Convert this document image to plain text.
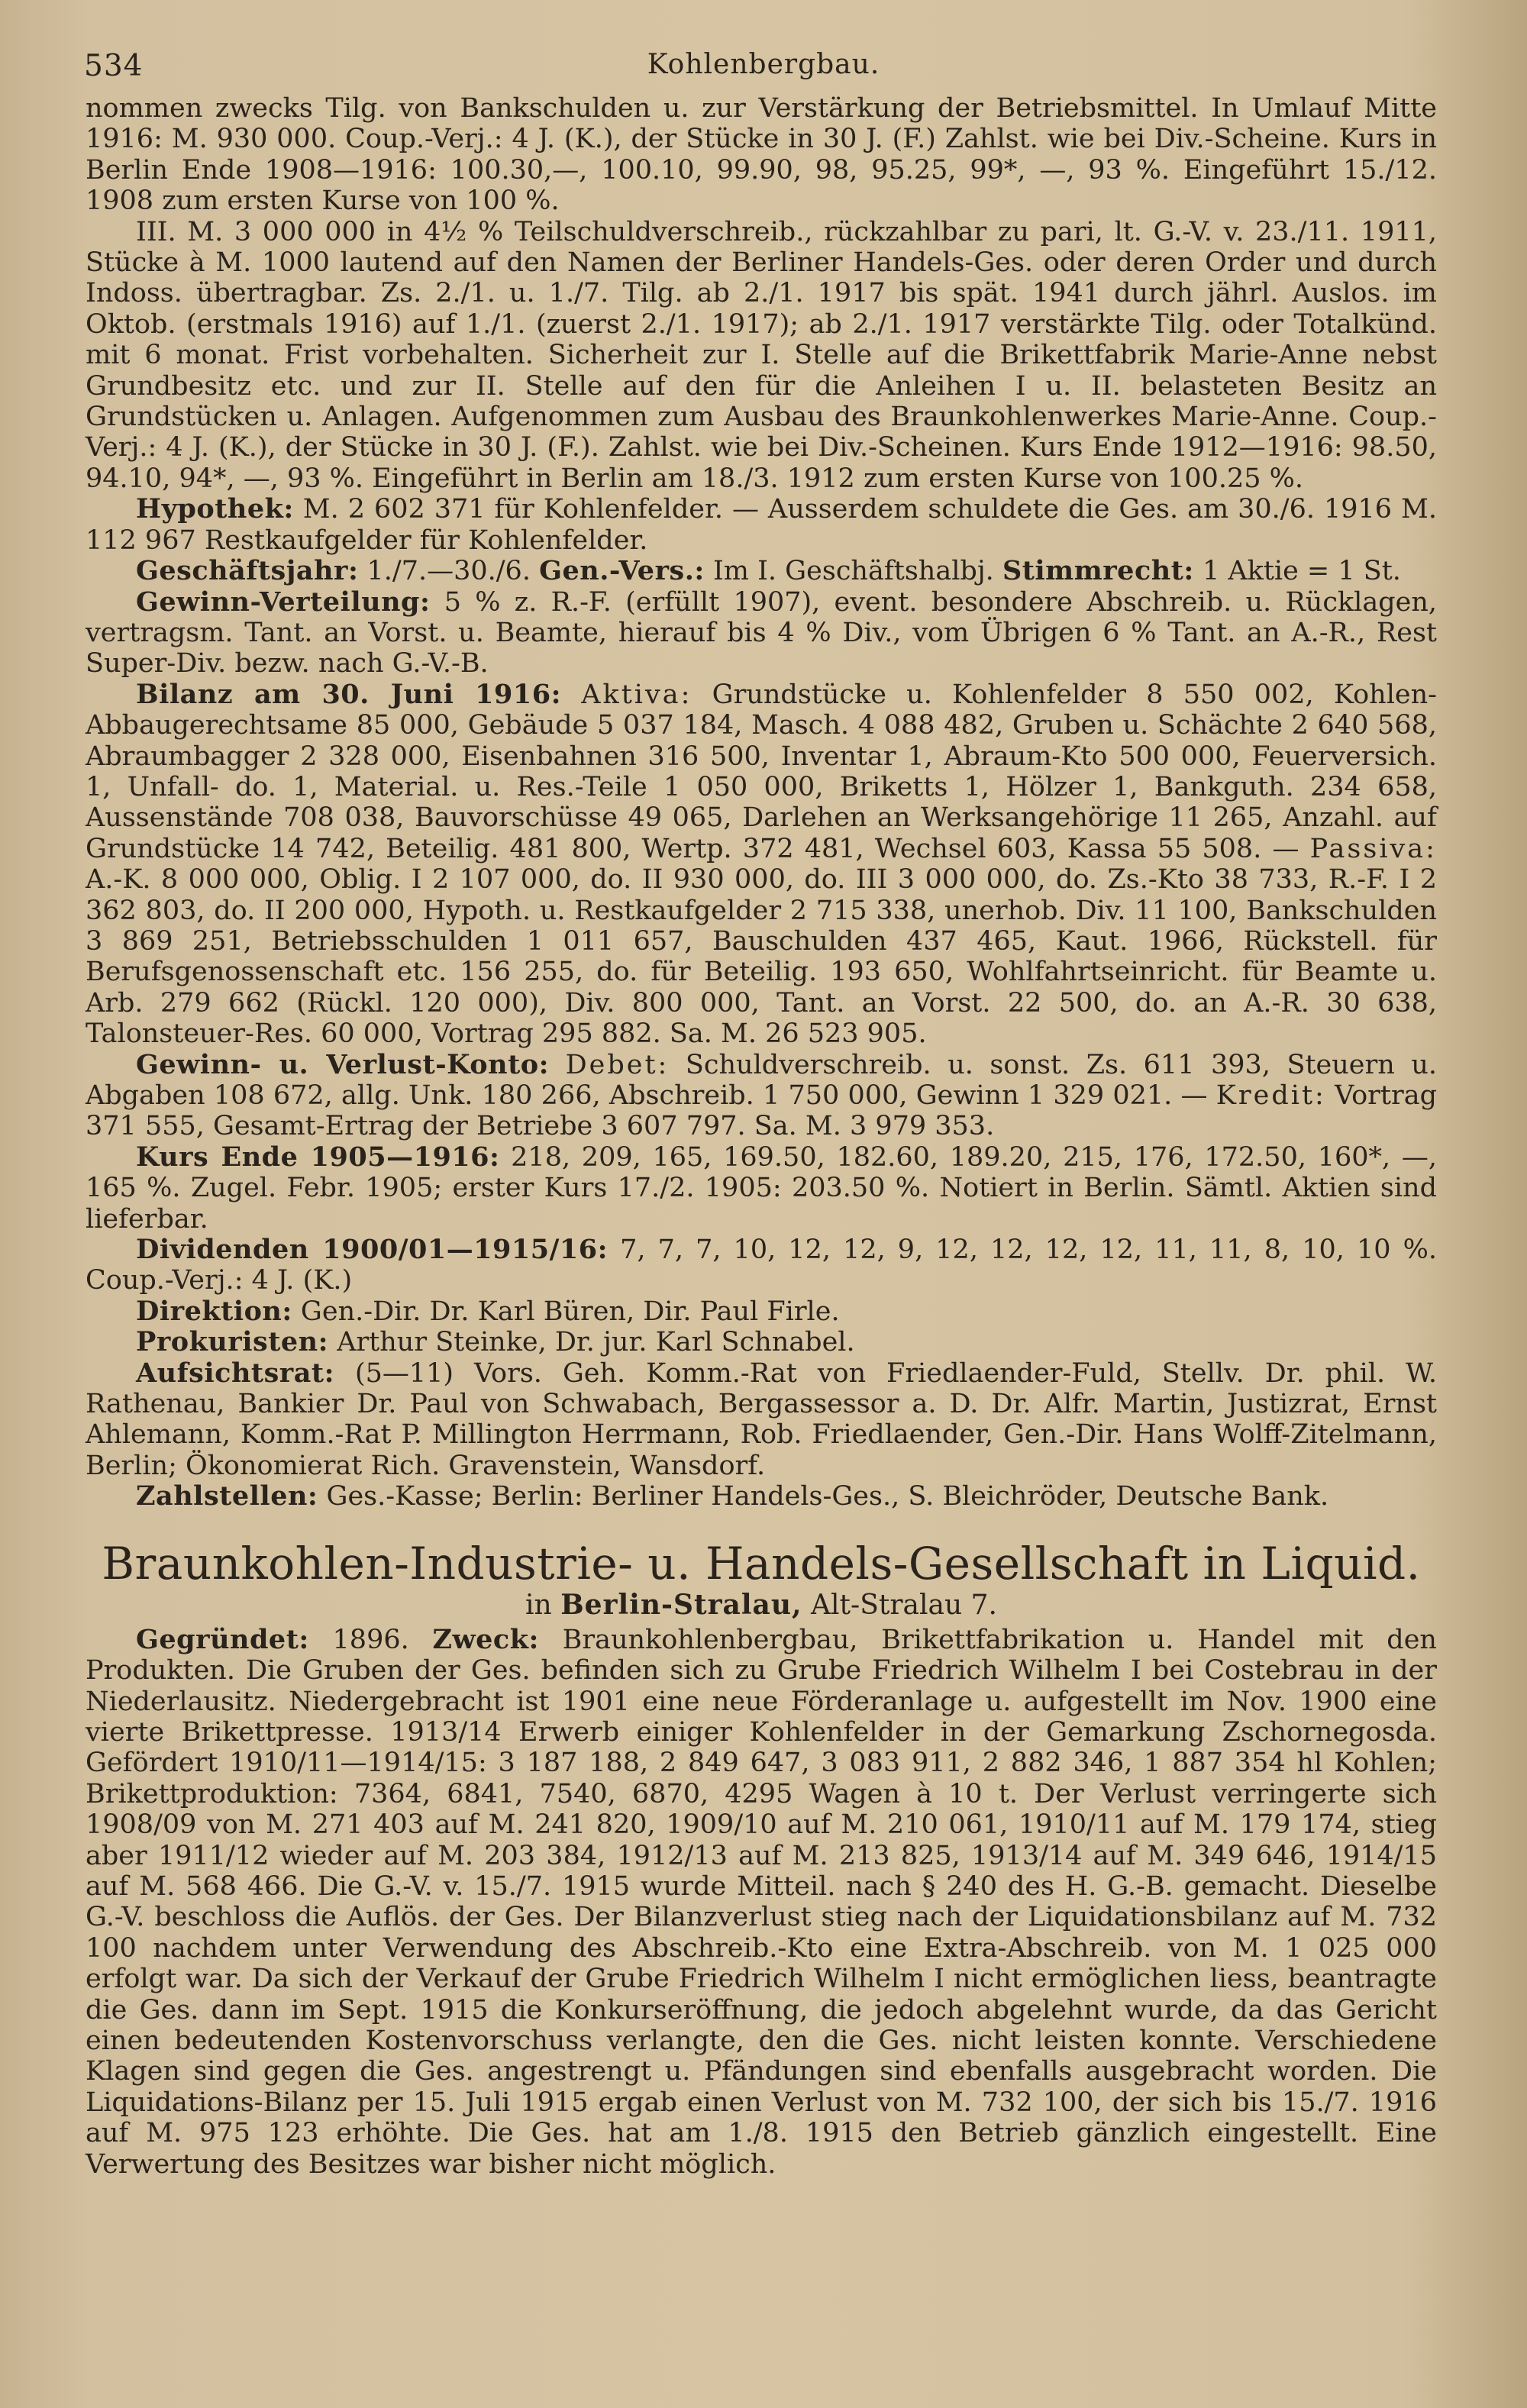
534	Kohlenbergbau.

nommen zwecks Tilg. von Bankschulden u. zur Verstärkung der Betriebsmittel. In Umlauf Mitte 1916: M. 930 000. Coup.-Verj.: 4 J. (K.), der Stücke in 30 J. (F.) Zahlst. wie bei Div.-Scheine. Kurs in Berlin Ende 1908—1916: 100.30,—, 100.10, 99.90, 98, 95.25, 99*, —, 93 %. Eingeführt 15./12. 1908 zum ersten Kurse von 100 %.

III. M. 3 000 000 in 4½ % Teilschuldverschreib., rückzahlbar zu pari, lt. G.-V. v. 23./11. 1911, Stücke à M. 1000 lautend auf den Namen der Berliner Handels-Ges. oder deren Order und durch Indoss. übertragbar. Zs. 2./1. u. 1./7. Tilg. ab 2./1. 1917 bis spät. 1941 durch jährl. Auslos. im Oktob. (erstmals 1916) auf 1./1. (zuerst 2./1. 1917); ab 2./1. 1917 verstärkte Tilg. oder Totalkünd. mit 6 monat. Frist vorbehalten. Sicherheit zur I. Stelle auf die Brikettfabrik Marie-Anne nebst Grundbesitz etc. und zur II. Stelle auf den für die Anleihen I u. II. belasteten Besitz an Grundstücken u. Anlagen. Aufgenommen zum Ausbau des Braunkohlenwerkes Marie-Anne. Coup.-Verj.: 4 J. (K.), der Stücke in 30 J. (F.). Zahlst. wie bei Div.-Scheinen. Kurs Ende 1912—1916: 98.50, 94.10, 94*, —, 93 %. Eingeführt in Berlin am 18./3. 1912 zum ersten Kurse von 100.25 %.

Hypothek: M. 2 602 371 für Kohlenfelder. — Ausserdem schuldete die Ges. am 30./6. 1916 M. 112 967 Restkaufgelder für Kohlenfelder.

Geschäftsjahr: 1./7.—30./6. Gen.-Vers.: Im I. Geschäftshalbj. Stimmrecht: 1 Aktie = 1 St.

Gewinn-Verteilung: 5 % z. R.-F. (erfüllt 1907), event. besondere Abschreib. u. Rücklagen, vertragsm. Tant. an Vorst. u. Beamte, hierauf bis 4 % Div., vom Übrigen 6 % Tant. an A.-R., Rest Super-Div. bezw. nach G.-V.-B.

Bilanz am 30. Juni 1916: Aktiva: Grundstücke u. Kohlenfelder 8 550 002, Kohlen-Abbaugerechtsame 85 000, Gebäude 5 037 184, Masch. 4 088 482, Gruben u. Schächte 2 640 568, Abraumbagger 2 328 000, Eisenbahnen 316 500, Inventar 1, Abraum-Kto 500 000, Feuerversich. 1, Unfall- do. 1, Material. u. Res.-Teile 1 050 000, Briketts 1, Hölzer 1, Bankguth. 234 658, Aussenstände 708 038, Bauvorschüsse 49 065, Darlehen an Werksangehörige 11 265, Anzahl. auf Grundstücke 14 742, Beteilig. 481 800, Wertp. 372 481, Wechsel 603, Kassa 55 508. — Passiva: A.-K. 8 000 000, Oblig. I 2 107 000, do. II 930 000, do. III 3 000 000, do. Zs.-Kto 38 733, R.-F. I 2 362 803, do. II 200 000, Hypoth. u. Restkaufgelder 2 715 338, unerhob. Div. 11 100, Bankschulden 3 869 251, Betriebsschulden 1 011 657, Bauschulden 437 465, Kaut. 1966, Rückstell. für Berufsgenossenschaft etc. 156 255, do. für Beteilig. 193 650, Wohlfahrtseinricht. für Beamte u. Arb. 279 662 (Rückl. 120 000), Div. 800 000, Tant. an Vorst. 22 500, do. an A.-R. 30 638, Talonsteuer-Res. 60 000, Vortrag 295 882. Sa. M. 26 523 905.

Gewinn- u. Verlust-Konto: Debet: Schuldverschreib. u. sonst. Zs. 611 393, Steuern u. Abgaben 108 672, allg. Unk. 180 266, Abschreib. 1 750 000, Gewinn 1 329 021. — Kredit: Vortrag 371 555, Gesamt-Ertrag der Betriebe 3 607 797. Sa. M. 3 979 353.

Kurs Ende 1905—1916: 218, 209, 165, 169.50, 182.60, 189.20, 215, 176, 172.50, 160*, —, 165 %. Zugel. Febr. 1905; erster Kurs 17./2. 1905: 203.50 %. Notiert in Berlin. Sämtl. Aktien sind lieferbar.

Dividenden 1900/01—1915/16: 7, 7, 7, 10, 12, 12, 9, 12, 12, 12, 12, 11, 11, 8, 10, 10 %. Coup.-Verj.: 4 J. (K.)

Direktion: Gen.-Dir. Dr. Karl Büren, Dir. Paul Firle.

Prokuristen: Arthur Steinke, Dr. jur. Karl Schnabel.

Aufsichtsrat: (5—11) Vors. Geh. Komm.-Rat von Friedlaender-Fuld, Stellv. Dr. phil. W. Rathenau, Bankier Dr. Paul von Schwabach, Bergassessor a. D. Dr. Alfr. Martin, Justizrat, Ernst Ahlemann, Komm.-Rat P. Millington Herrmann, Rob. Friedlaender, Gen.-Dir. Hans Wolff-Zitelmann, Berlin; Ökonomierat Rich. Gravenstein, Wansdorf.

Zahlstellen: Ges.-Kasse; Berlin: Berliner Handels-Ges., S. Bleichröder, Deutsche Bank.

Braunkohlen-Industrie- u. Handels-Gesellschaft in Liquid.
in Berlin-Stralau, Alt-Stralau 7.

Gegründet: 1896. Zweck: Braunkohlenbergbau, Brikettfabrikation u. Handel mit den Produkten. Die Gruben der Ges. befinden sich zu Grube Friedrich Wilhelm I bei Costebrau in der Niederlausitz. Niedergebracht ist 1901 eine neue Förderanlage u. aufgestellt im Nov. 1900 eine vierte Brikettpresse. 1913/14 Erwerb einiger Kohlenfelder in der Gemarkung Zschornegosda. Gefördert 1910/11—1914/15: 3 187 188, 2 849 647, 3 083 911, 2 882 346, 1 887 354 hl Kohlen; Brikettproduktion: 7364, 6841, 7540, 6870, 4295 Wagen à 10 t. Der Verlust verringerte sich 1908/09 von M. 271 403 auf M. 241 820, 1909/10 auf M. 210 061, 1910/11 auf M. 179 174, stieg aber 1911/12 wieder auf M. 203 384, 1912/13 auf M. 213 825, 1913/14 auf M. 349 646, 1914/15 auf M. 568 466. Die G.-V. v. 15./7. 1915 wurde Mitteil. nach § 240 des H. G.-B. gemacht. Dieselbe G.-V. beschloss die Auflös. der Ges. Der Bilanzverlust stieg nach der Liquidationsbilanz auf M. 732 100 nachdem unter Verwendung des Abschreib.-Kto eine Extra-Abschreib. von M. 1 025 000 erfolgt war. Da sich der Verkauf der Grube Friedrich Wilhelm I nicht ermöglichen liess, beantragte die Ges. dann im Sept. 1915 die Konkurseröffnung, die jedoch abgelehnt wurde, da das Gericht einen bedeutenden Kostenvorschuss verlangte, den die Ges. nicht leisten konnte. Verschiedene Klagen sind gegen die Ges. angestrengt u. Pfändungen sind ebenfalls ausgebracht worden. Die Liquidations-Bilanz per 15. Juli 1915 ergab einen Verlust von M. 732 100, der sich bis 15./7. 1916 auf M. 975 123 erhöhte. Die Ges. hat am 1./8. 1915 den Betrieb gänzlich eingestellt. Eine Verwertung des Besitzes war bisher nicht möglich.
